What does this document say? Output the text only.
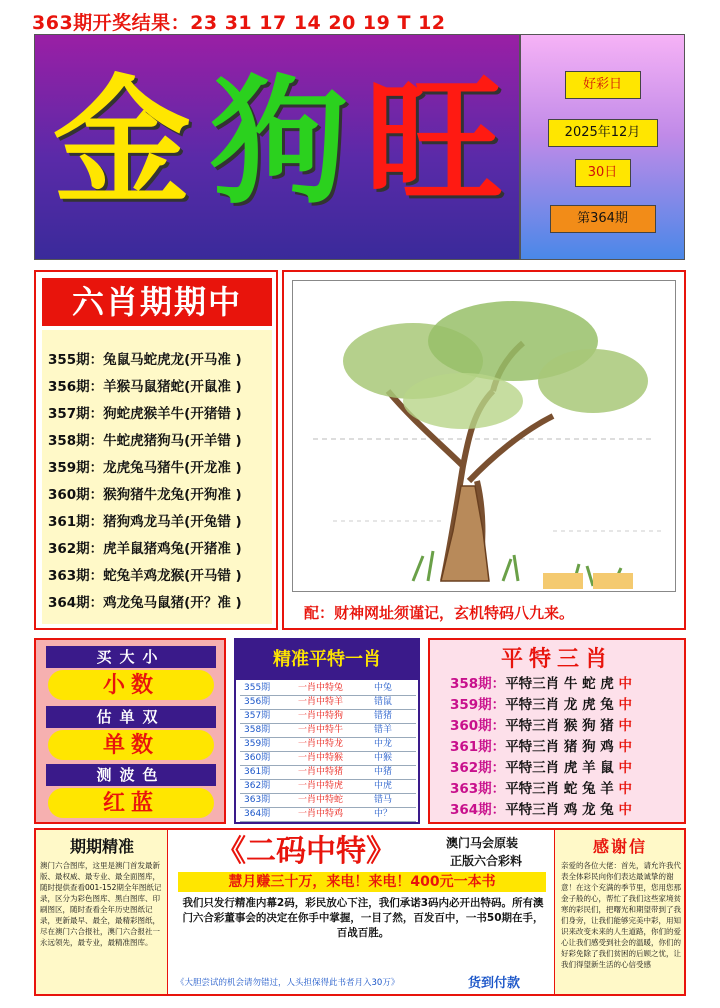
363期开奖结果：23 31 17 14 20 19 T 12
金 狗 旺	好彩日
2025年12月
30日
第364期
六肖期期中
355期：兔鼠马蛇虎龙(开马准 )
356期：羊猴马鼠猪蛇(开鼠准 )
357期：狗蛇虎猴羊牛(开猪错 )
358期：牛蛇虎猪狗马(开羊错 )
359期：龙虎兔马猪牛(开龙准 )
360期：猴狗猪牛龙兔(开狗准 )
361期：猪狗鸡龙马羊(开兔错 )
362期：虎羊鼠猪鸡兔(开猪准 )
363期：蛇兔羊鸡龙猴(开马错 )
364期：鸡龙兔马鼠猪(开？准 )
配：财神网址须谨记，玄机特码八九来。
买大小
小数
估单双
单数
测波色
红蓝
精准平特一肖
355期	一肖中特兔	中兔
356期	一肖中特羊	错鼠
357期	一肖中特狗	错猪
358期	一肖中特牛	错羊
359期	一肖中特龙	中龙
360期	一肖中特猴	中猴
361期	一肖中特猪	中猪
362期	一肖中特虎	中虎
363期	一肖中特蛇	错马
364期	一肖中特鸡	中？
平特三肖
358期：平特三肖 牛 蛇 虎 中
359期：平特三肖 龙 虎 兔 中
360期：平特三肖 猴 狗 猪 中
361期：平特三肖 猪 狗 鸡 中
362期：平特三肖 虎 羊 鼠 中
363期：平特三肖 蛇 兔 羊 中
364期：平特三肖 鸡 龙 兔 中
期期精准
澳门六合图库，这里是澳门首发最新版、最权威、最专业、最全面图库，随时提供查看001-152期全年图纸记录，区分为彩色图库、黑白图库、印刷图区，随时查看全年历史图纸记录，更新最早、最全，最精彩图纸，尽在澳门六合报社，澳门六合报社一永远领先，最专业，最精准图库。
《二码中特》	澳门马会原装
正版六合彩料
慧月赚三十万，来电！来电！400元一本书
我们只发行精准内幕2码，彩民放心下注，我们承诺3码内必开出特码。所有澳门六合彩董事会的决定在你手中掌握，一目了然，百发百中，一书50期在手，百战百胜。
《大胆尝试的机会请勿错过，人头担保得此书者月入30万》	货到付款
感谢信
亲爱的各位大佬：首先，请允许我代表全体彩民向你们表达最诚挚的谢意！在这个充满的季节里，您用您那金子般的心，帮忙了我们这些家境贫寒的彩民们，把曙光和期望带到了我们身旁，让我们能够完美中彩，用知识来改变未来的人生道路，你们的爱心让我们感受到社会的温暖，你们的好彩免除了我们贫困的后顾之忧，让我们得望新生活的心信受感
